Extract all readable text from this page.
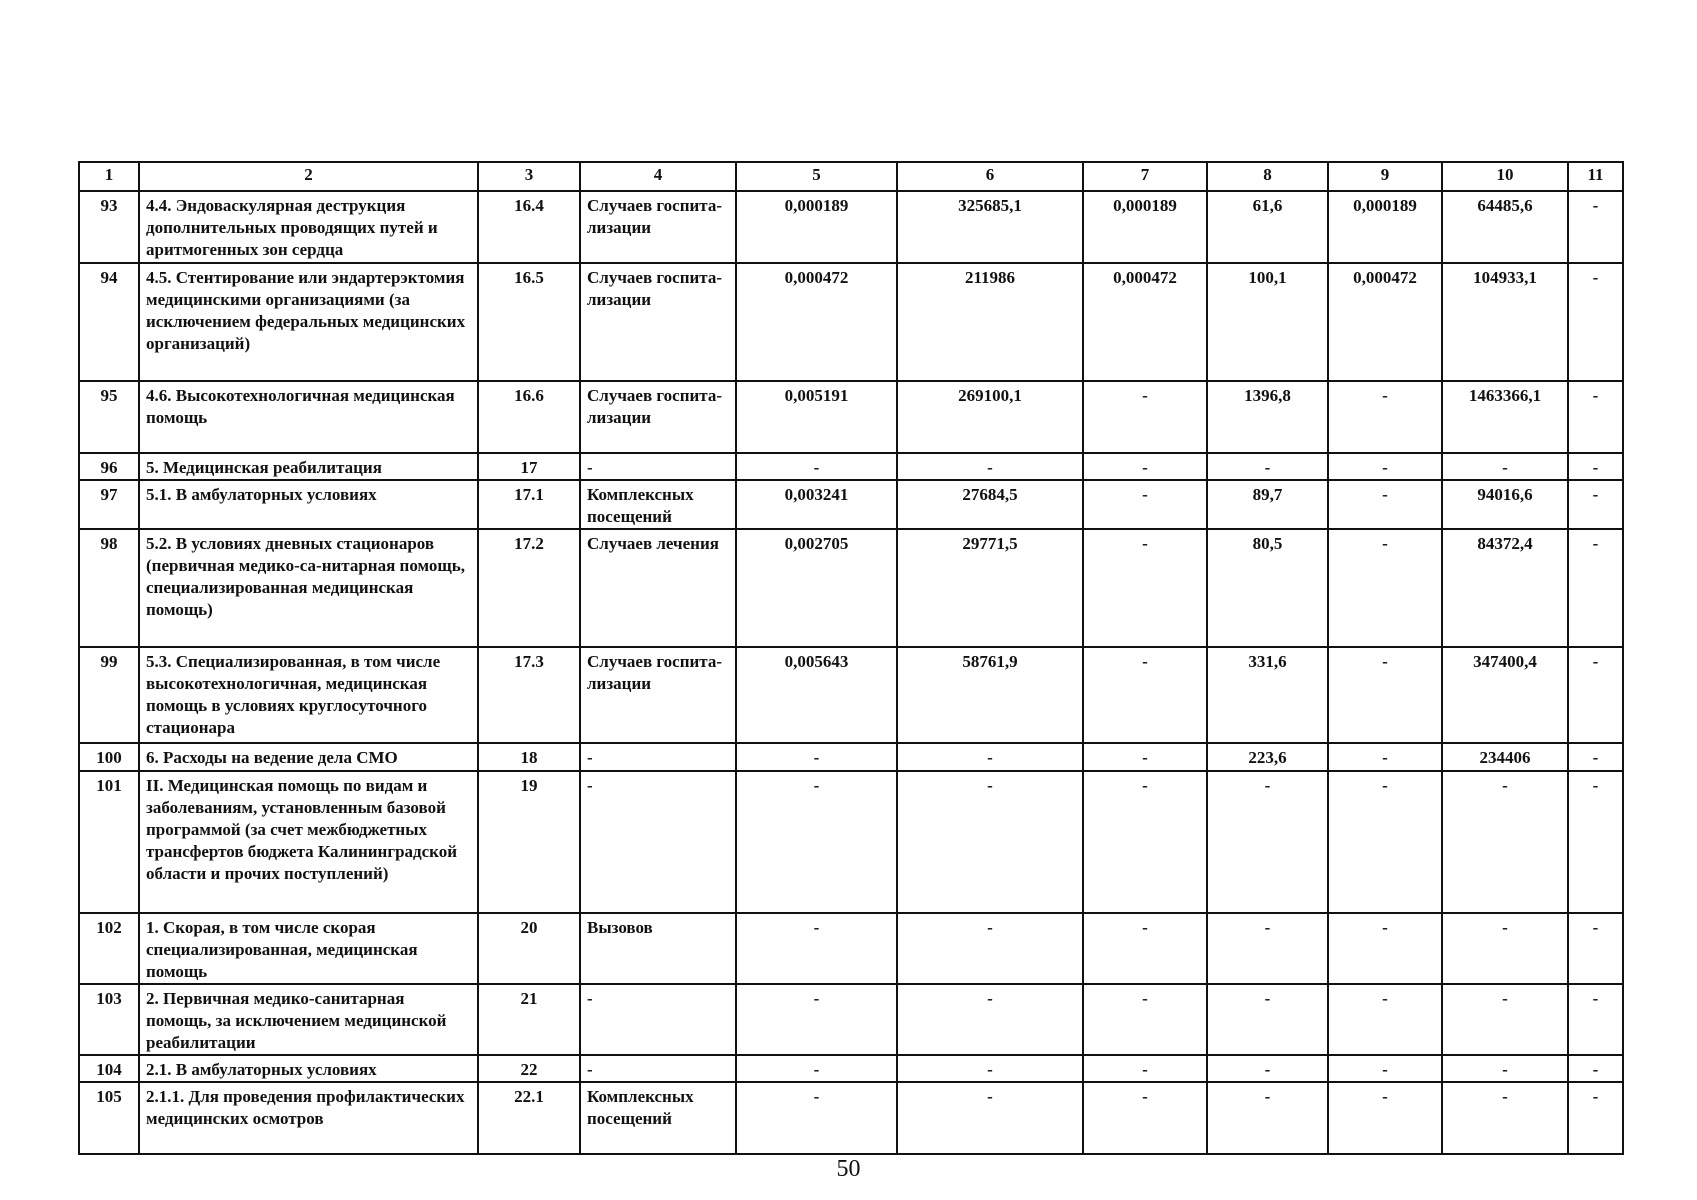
1	2	3	4	5	6	7	8	9	10	11
93	4.4. Эндоваскулярная деструкция дополнительных проводящих путей и аритмогенных зон сердца	16.4	Случаев госпита-лизации	0,000189	325685,1	0,000189	61,6	0,000189	64485,6	-
94	4.5. Стентирование или эндартерэктомия медицинскими организациями (за исключением федеральных медицинских организаций)	16.5	Случаев госпита-лизации	0,000472	211986	0,000472	100,1	0,000472	104933,1	-
95	4.6. Высокотехнологичная медицинская помощь	16.6	Случаев госпита-лизации	0,005191	269100,1	-	1396,8	-	1463366,1	-
96	5. Медицинская реабилитация	17	-	-	-	-	-	-	-	-
97	5.1. В амбулаторных условиях	17.1	Комплексных посещений	0,003241	27684,5	-	89,7	-	94016,6	-
98	5.2. В условиях дневных стационаров (первичная медико-са-нитарная помощь, специализированная медицинская помощь)	17.2	Случаев лечения	0,002705	29771,5	-	80,5	-	84372,4	-
99	5.3. Специализированная, в том числе высокотехнологичная, медицинская помощь в условиях круглосуточного стационара	17.3	Случаев госпита-лизации	0,005643	58761,9	-	331,6	-	347400,4	-
100	6. Расходы на ведение дела СМО	18	-	-	-	-	223,6	-	234406	-
101	II. Медицинская помощь по видам и заболеваниям, установленным базовой программой (за счет межбюджетных трансфертов бюджета Калининградской области и прочих поступлений)	19	-	-	-	-	-	-	-	-
102	1. Скорая, в том числе скорая специализированная, медицинская помощь	20	Вызовов	-	-	-	-	-	-	-
103	2. Первичная медико-санитарная помощь, за исключением медицинской реабилитации	21	-	-	-	-	-	-	-	-
104	2.1. В амбулаторных условиях	22	-	-	-	-	-	-	-	-
105	2.1.1. Для проведения профилактических медицинских осмотров	22.1	Комплексных посещений	-	-	-	-	-	-	-
50
